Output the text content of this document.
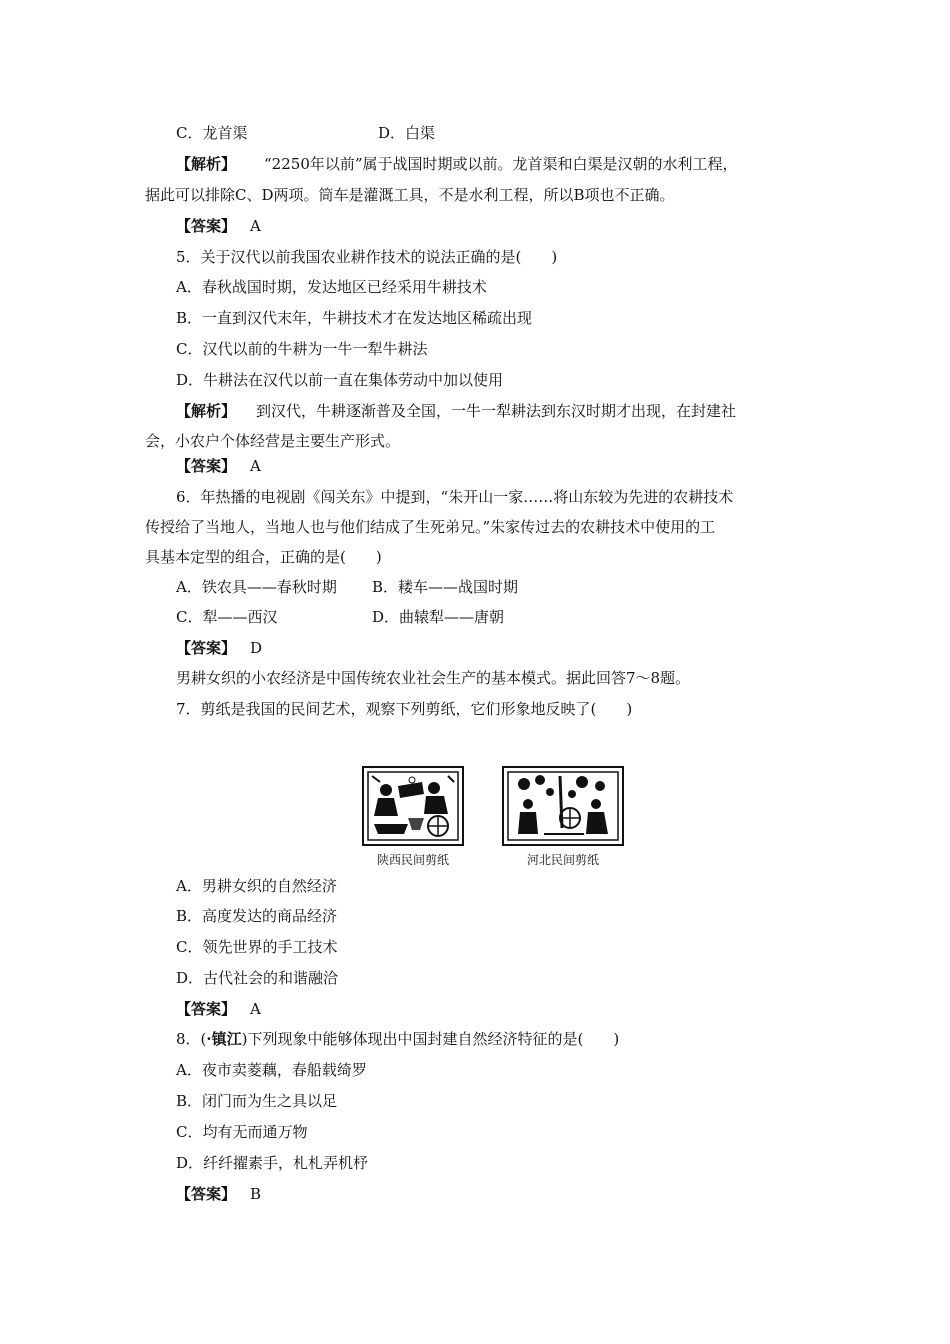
C．龙首渠	D．白渠
【解析】 “2250年以前”属于战国时期或以前。龙首渠和白渠是汉朝的水利工程，
据此可以排除C、D两项。筒车是灌溉工具，不是水利工程，所以B项也不正确。
【答案】 A
5．关于汉代以前我国农业耕作技术的说法正确的是(　　)
A．春秋战国时期，发达地区已经采用牛耕技术
B．一直到汉代末年，牛耕技术才在发达地区稀疏出现
C．汉代以前的牛耕为一牛一犁牛耕法
D．牛耕法在汉代以前一直在集体劳动中加以使用
【解析】 到汉代，牛耕逐渐普及全国，一牛一犁耕法到东汉时期才出现，在封建社
会，小农户个体经营是主要生产形式。
【答案】 A
6．年热播的电视剧《闯关东》中提到，“朱开山一家……将山东较为先进的农耕技术
传授给了当地人，当地人也与他们结成了生死弟兄。”朱家传过去的农耕技术中使用的工
具基本定型的组合，正确的是(　　)
A．铁农具——春秋时期 B．耧车——战国时期
C．犁——西汉	D．曲辕犁——唐朝
【答案】 D
男耕女织的小农经济是中国传统农业社会生产的基本模式。据此回答7～8题。
7．剪纸是我国的民间艺术，观察下列剪纸，它们形象地反映了(　　)
陕西民间剪纸	河北民间剪纸
A．男耕女织的自然经济
B．高度发达的商品经济
C．领先世界的手工技术
D．古代社会的和谐融洽
【答案】 A
8．(·镇江)下列现象中能够体现出中国封建自然经济特征的是(　　)
A．夜市卖菱藕，春船载绮罗
B．闭门而为生之具以足
C．均有无而通万物
D．纤纤擢素手，札札弄机杼
【答案】 B
